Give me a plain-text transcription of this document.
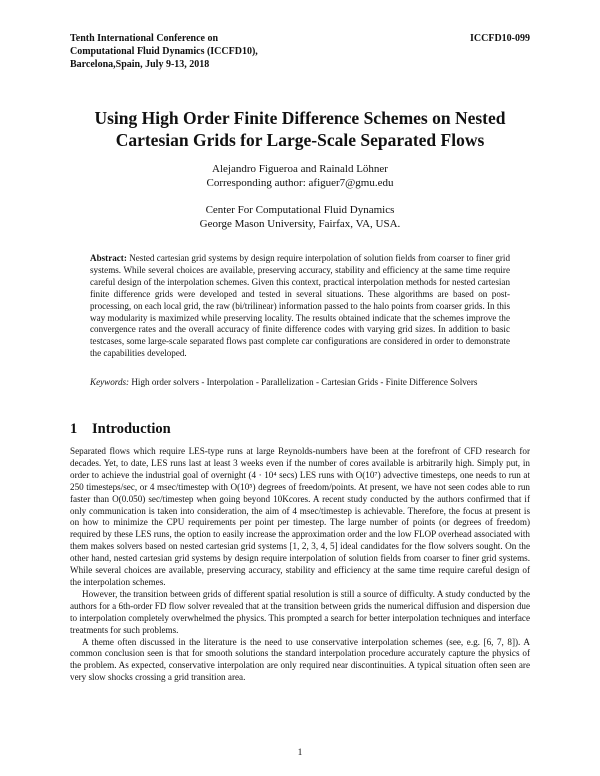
Tenth International Conference on
Computational Fluid Dynamics (ICCFD10),
Barcelona,Spain, July 9-13, 2018
ICCFD10-099
Using High Order Finite Difference Schemes on Nested
Cartesian Grids for Large-Scale Separated Flows
Alejandro Figueroa and Rainald Löhner
Corresponding author: afiguer7@gmu.edu
Center For Computational Fluid Dynamics
George Mason University, Fairfax, VA, USA.
Abstract: Nested cartesian grid systems by design require interpolation of solution fields from coarser to finer grid systems. While several choices are available, preserving accuracy, stability and efficiency at the same time require careful design of the interpolation schemes. Given this context, practical interpolation methods for nested cartesian finite difference grids were developed and tested in several situations. These algorithms are based on post-processing, on each local grid, the raw (bi/trilinear) information passed to the halo points from coarser grids. In this way modularity is maximized while preserving locality. The results obtained indicate that the schemes improve the convergence rates and the overall accuracy of finite difference codes with varying grid sizes. In addition to basic testcases, some large-scale separated flows past complete car configurations are considered in order to demonstrate the capabilities developed.
Keywords: High order solvers - Interpolation - Parallelization - Cartesian Grids - Finite Difference Solvers
1 Introduction

Separated flows which require LES-type runs at large Reynolds-numbers have been at the forefront of CFD research for decades. Yet, to date, LES runs last at least 3 weeks even if the number of cores available is arbitrarily high. Simply put, in order to achieve the industrial goal of overnight (4 · 10⁴ secs) LES runs with O(10⁷) advective timesteps, one needs to run at 250 timesteps/sec, or 4 msec/timestep with O(10⁵) degrees of freedom/points. At present, we have not seen codes able to run faster than O(0.050) sec/timestep when going beyond 10Kcores. A recent study conducted by the authors confirmed that if only communication is taken into consideration, the aim of 4 msec/timestep is achievable. Therefore, the focus at present is on how to minimize the CPU requirements per point per timestep. The large number of points (or degrees of freedom) required by these LES runs, the option to easily increase the approximation order and the low FLOP overhead associated with them makes solvers based on nested cartesian grid systems [1, 2, 3, 4, 5] ideal candidates for the flow solvers sought. On the other hand, nested cartesian grid systems by design require interpolation of solution fields from coarser to finer grid systems. While several choices are available, preserving accuracy, stability and efficiency at the same time require careful design of the interpolation schemes.

However, the transition between grids of different spatial resolution is still a source of difficulty. A study conducted by the authors for a 6th-order FD flow solver revealed that at the transition between grids the numerical diffusion and dispersion due to interpolation completely overwhelmed the physics. This prompted a search for better interpolation techniques and interface treatments for such problems.

A theme often discussed in the literature is the need to use conservative interpolation schemes (see, e.g. [6, 7, 8]). A common conclusion seen is that for smooth solutions the standard interpolation procedure accurately capture the physics of the problem. As expected, conservative interpolation are only required near discontinuities. A typical situation often seen are very slow shocks crossing a grid transition area.

1
